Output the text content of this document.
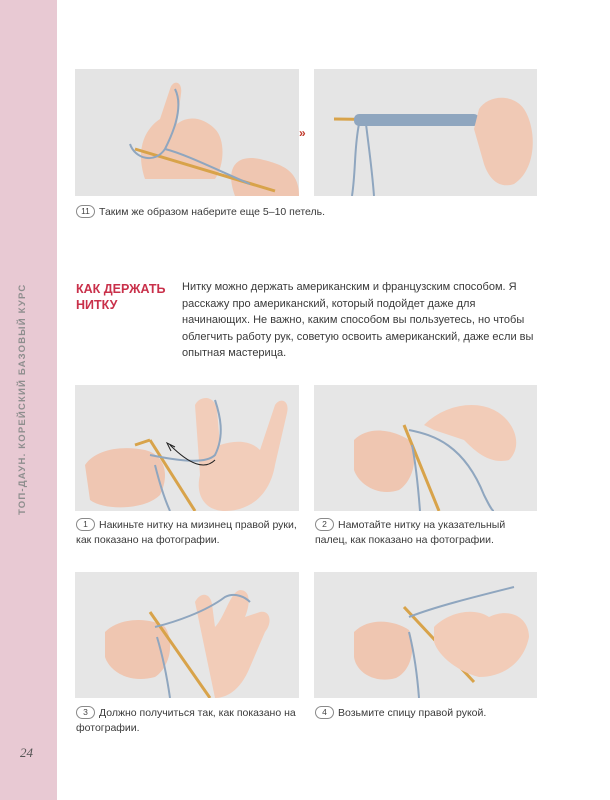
ТОП-ДАУН. КОРЕЙСКИЙ БАЗОВЫЙ КУРС
24
»
11 Таким же образом наберите еще 5–10 петель.
КАК ДЕРЖАТЬ НИТКУ
Нитку можно держать американским и французским способом. Я расскажу про американский, который подойдет даже для начинающих. Не важно, каким способом вы пользуетесь, но чтобы облегчить работу рук, советую освоить американский, даже если вы опытная мастерица.
1 Накиньте нитку на мизинец правой руки, как показано на фотографии.
2 Намотайте нитку на указательный палец, как показано на фотографии.
3 Должно получиться так, как показано на фотографии.
4 Возьмите спицу правой рукой.
